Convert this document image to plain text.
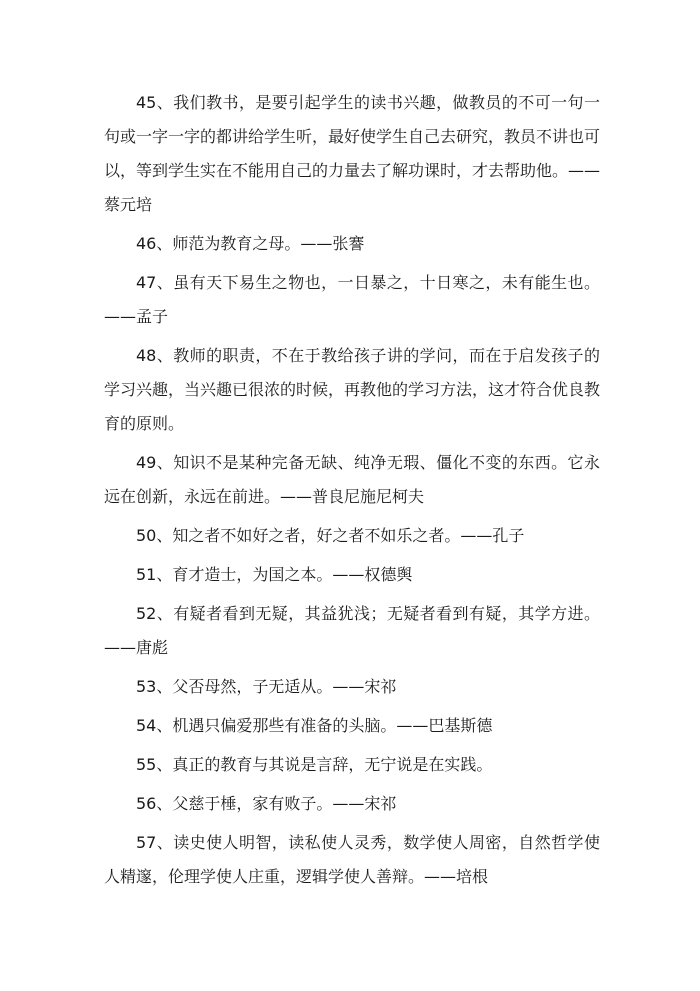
45、我们教书，是要引起学生的读书兴趣，做教员的不可一句一句或一字一字的都讲给学生听，最好使学生自己去研究，教员不讲也可以，等到学生实在不能用自己的力量去了解功课时，才去帮助他。——蔡元培

46、师范为教育之母。——张謇

47、虽有天下易生之物也，一日暴之，十日寒之，未有能生也。——孟子

48、教师的职责，不在于教给孩子讲的学问，而在于启发孩子的学习兴趣，当兴趣已很浓的时候，再教他的学习方法，这才符合优良教育的原则。

49、知识不是某种完备无缺、纯净无瑕、僵化不变的东西。它永远在创新，永远在前进。——普良尼施尼柯夫

50、知之者不如好之者，好之者不如乐之者。——孔子

51、育才造士，为国之本。——权德舆

52、有疑者看到无疑，其益犹浅；无疑者看到有疑，其学方进。——唐彪

53、父否母然，子无适从。——宋祁

54、机遇只偏爱那些有准备的头脑。——巴基斯德

55、真正的教育与其说是言辞，无宁说是在实践。

56、父慈于棰，家有败子。——宋祁

57、读史使人明智，读私使人灵秀，数学使人周密，自然哲学使人精邃，伦理学使人庄重，逻辑学使人善辩。——培根
